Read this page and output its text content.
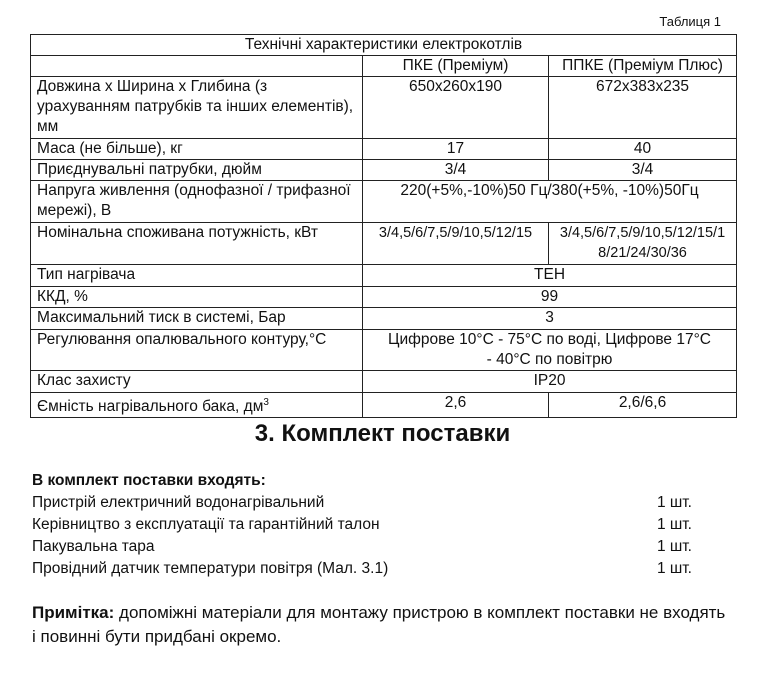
Таблиця 1
Технічні характеристики електрокотлів		
	ПКЕ (Преміум)	ППКЕ (Преміум Плюс)
Довжина х Ширина х Глибина (з урахуванням патрубків та інших елементів), мм	650x260x190	672x383x235
Маса (не більше), кг	17	40
Приєднувальні патрубки, дюйм	3/4	3/4
Напруга живлення (однофазної / трифазної мережі), В	220(+5%,-10%)50 Гц/380(+5%, -10%)50Гц	
Номінальна споживана потужність, кВт	3/4,5/6/7,5/9/10,5/12/15	3/4,5/6/7,5/9/10,5/12/15/18/21/24/30/36
Тип нагрівача	ТЕН	
ККД, %	99	
Максимальний тиск в системі, Бар	3	
Регулювання опалювального контуру,°С	Цифрове 10°С - 75°С по воді, Цифрове 17°С - 40°С по повітрю	
Клас захисту	IP20	
Ємність нагрівального бака, $дм^3$	2,6	2,6/6,6
3. Комплект поставки
В комплект поставки входять:
Пристрій електричний водонагрівальний	1 шт.
Керівництво з експлуатації та гарантійний талон	1 шт.
Пакувальна тара	1 шт.
Провідний датчик температури повітря (Мал. 3.1)	1 шт.
Примітка: допоміжні матеріали для монтажу пристрою в комплект поставки не входять і повинні бути придбані окремо.
